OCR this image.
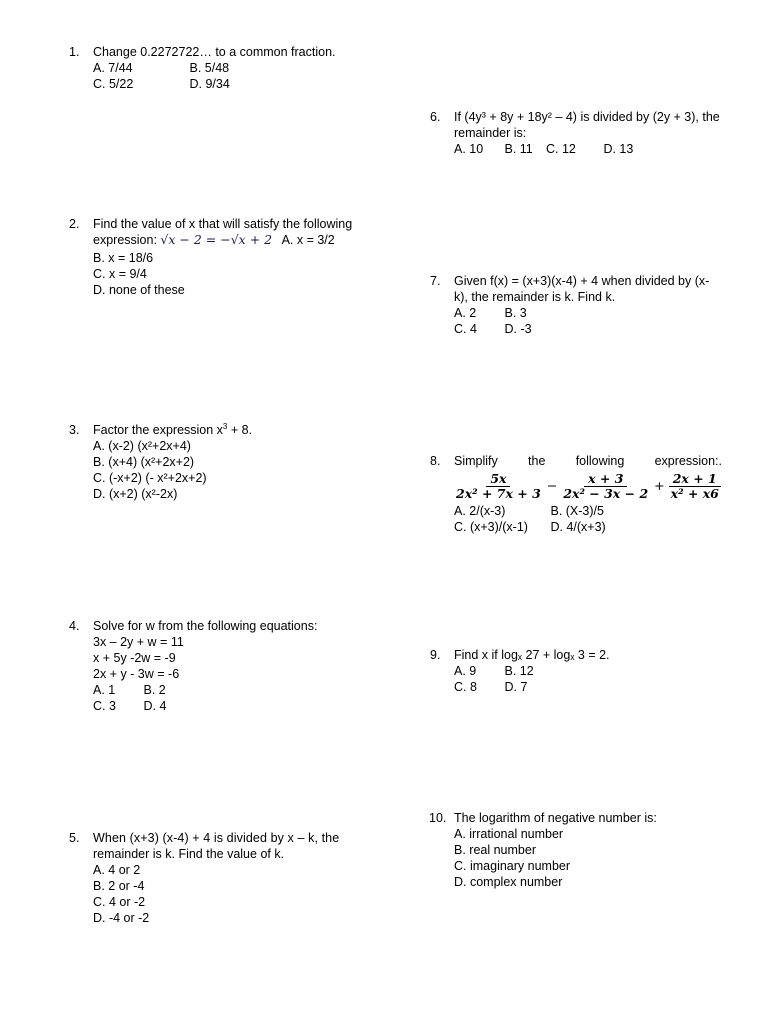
1. Change 0.2272722… to a common fraction.
A. 7/44	B. 5/48
C. 5/22	D. 9/34
2. Find the value of x that will satisfy the following
expression: √x − 2 = −√x + 2 A. x = 3/2
B. x = 18/6
C. x = 9/4
D. none of these
3. Factor the expression $x^3 + 8$.
A. (x-2) (x²+2x+4)
B. (x+4) (x²+2x+2)
C. (-x+2) (- x²+2x+2)
D. (x+2) (x²-2x)
4. Solve for w from the following equations:
3x – 2y + w = 11
x + 5y -2w = -9
2x + y - 3w = -6
A. 1 B. 2
C. 3 D. 4
5. When (x+3) (x-4) + 4 is divided by x – k, the
remainder is k. Find the value of k.
A. 4 or 2
B. 2 or -4
C. 4 or -2
D. -4 or -2
6. If (4y³ + 8y + 18y² – 4) is divided by (2y + 3), the
remainder is:
A. 10 B. 11 C. 12 D. 13
7. Given f(x) = (x+3)(x-4) + 4 when divided by (x-
k), the remainder is k. Find k.
A. 2 B. 3
C. 4 D. -3
8. Simplify the following expression:.
$\frac{5x}{\text{2x² + 7x + 3}} - \frac{x + 3}{\text{2x² − 3x − 2}} + \frac{2x + 1}{\text{x² + x6}}$
A. 2/(x-3)	B. (X-3)/5
C. (x+3)/(x-1) D. 4/(x+3)
9. Find x if logₓ 27 + logₓ 3 = 2.
A. 9 B. 12
C. 8 D. 7
10. The logarithm of negative number is:
A. irrational number
B. real number
C. imaginary number
D. complex number
